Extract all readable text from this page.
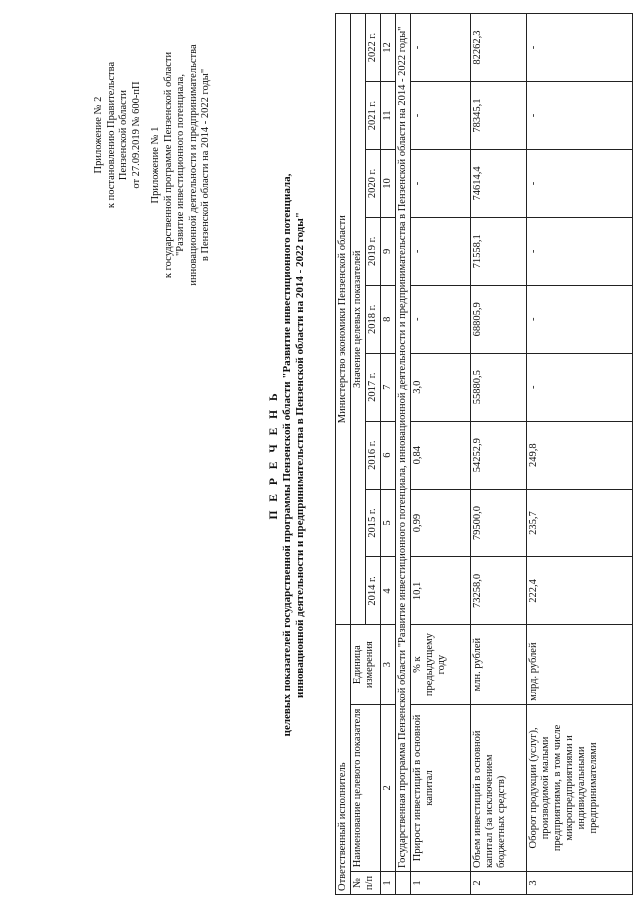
Приложение № 2 к постановлению Правительства Пензенской области от 27.09.2019 № 600-пП Приложение № 1 к государственной программе Пензенской области "Развитие инвестиционного потенциала, инновационной деятельности и предпринимательства в Пензенской области на 2014 - 2022 годы"
П Е Р Е Ч Е Н Ь целевых показателей государственной программы Пензенской области "Развитие инвестиционного потенциала, инновационной деятельности и предпринимательства в Пензенской области на 2014 - 2022 годы"
Ответственный исполнитель			Министерство экономики Пензенской области								
№ п/п	Наименование целевого показателя	Единица измерения	Значение целевых показателей								
			2014 г.	2015 г.	2016 г.	2017 г.	2018 г.	2019 г.	2020 г.	2021 г.	2022 г.
1	2	3	4	5	6	7	8	9	10	11	12
	Государственная программа Пензенской области "Развитие инвестиционного потенциала, инновационной деятельности и предпринимательства в Пензенской области на 2014 - 2022 годы"										
1	Прирост инвестиций в основной капитал	% к предыдущему году	10,1	0,99	0,84	3,0	-	-	-	-	-
2	Объем инвестиций в основной капитал (за исключением бюджетных средств)	млн. рублей	73258,0	79500,0	54252,9	55880,5	68805,9	71558,1	74614,4	78345,1	82262,3
3	Оборот продукции (услуг), производимой малыми предприятиями, в том числе микропредприятиями и индивидуальными предпринимателями	млрд. рублей	222,4	235,7	249,8	-	-	-	-	-	-
